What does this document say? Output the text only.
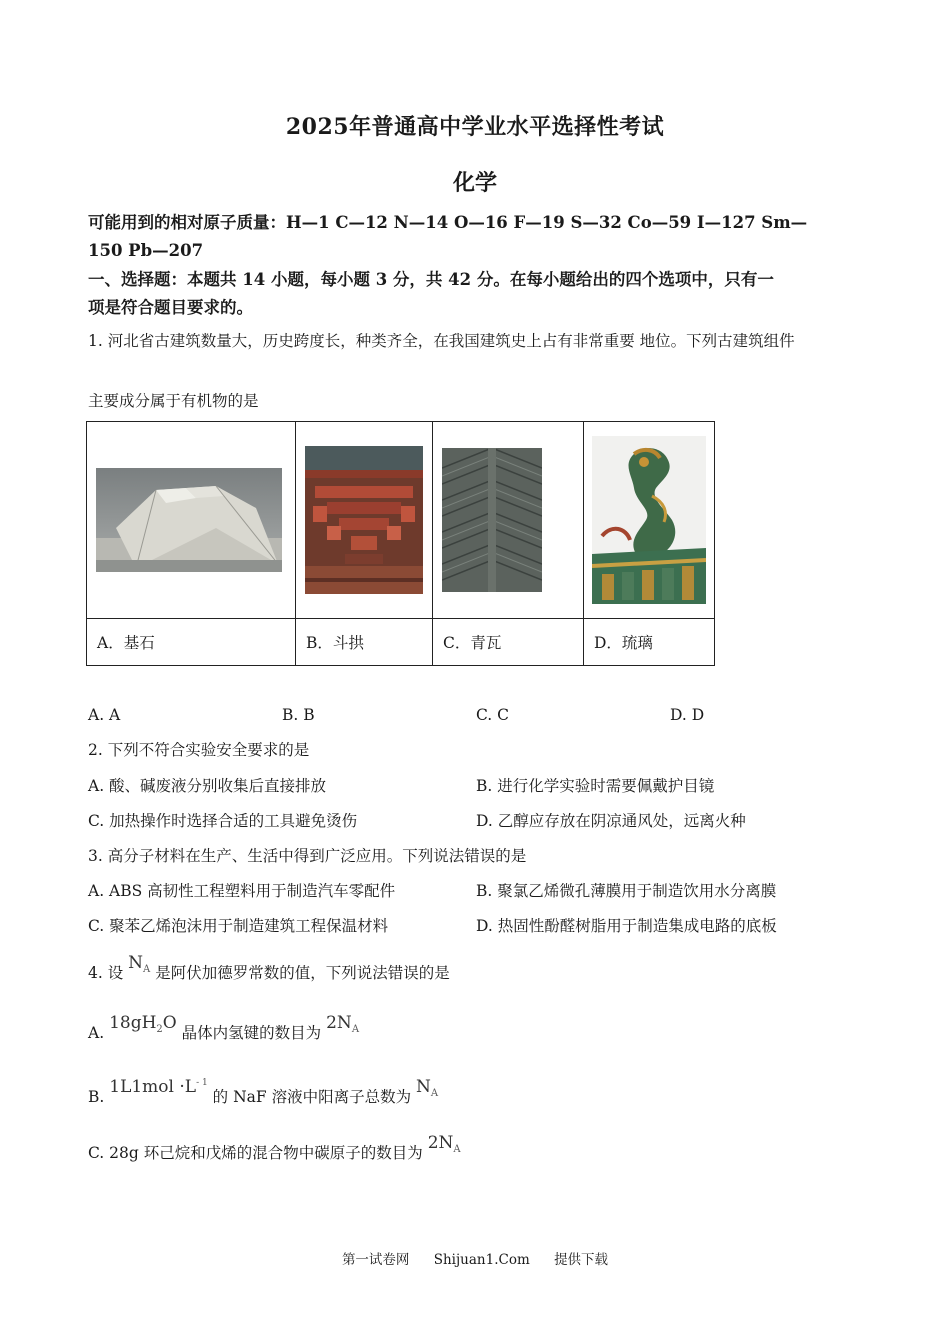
2025年普通高中学业水平选择性考试
化学
可能用到的相对原子质量：H—1 C—12 N—14 O—16 F—19 S—32 Co—59 I—127 Sm—
150 Pb—207
一、选择题：本题共 14 小题，每小题 3 分，共 42 分。在每小题给出的四个选项中，只有一
项是符合题目要求的。
1. 河北省古建筑数量大，历史跨度长，种类齐全，在我国建筑史上占有非常重要 地位。下列古建筑组件
主要成分属于有机物的是

A．基石	B．斗拱	C．青瓦	D．琉璃
A. A	B. B	C. C	D. D
2. 下列不符合实验安全要求的是
A. 酸、碱废液分别收集后直接排放	B. 进行化学实验时需要佩戴护目镜
C. 加热操作时选择合适的工具避免烫伤	D. 乙醇应存放在阴凉通风处，远离火种
3. 高分子材料在生产、生活中得到广泛应用。下列说法错误的是
A. ABS 高韧性工程塑料用于制造汽车零配件	B. 聚氯乙烯微孔薄膜用于制造饮用水分离膜
C. 聚苯乙烯泡沫用于制造建筑工程保温材料	D. 热固性酚醛树脂用于制造集成电路的底板
4. 设 $N_A$ 是阿伏加德罗常数的值，下列说法错误的是
A. $18gH_2O$ 晶体内氢键的数目为 $2N_A$
B. $1L1mol \cdot L^{- 1}$ 的 NaF 溶液中阳离子总数为 $N_A$
C. 28g 环己烷和戊烯的混合物中碳原子的数目为 $2N_A$
第一试卷网 Shijuan1.Com 提供下载
